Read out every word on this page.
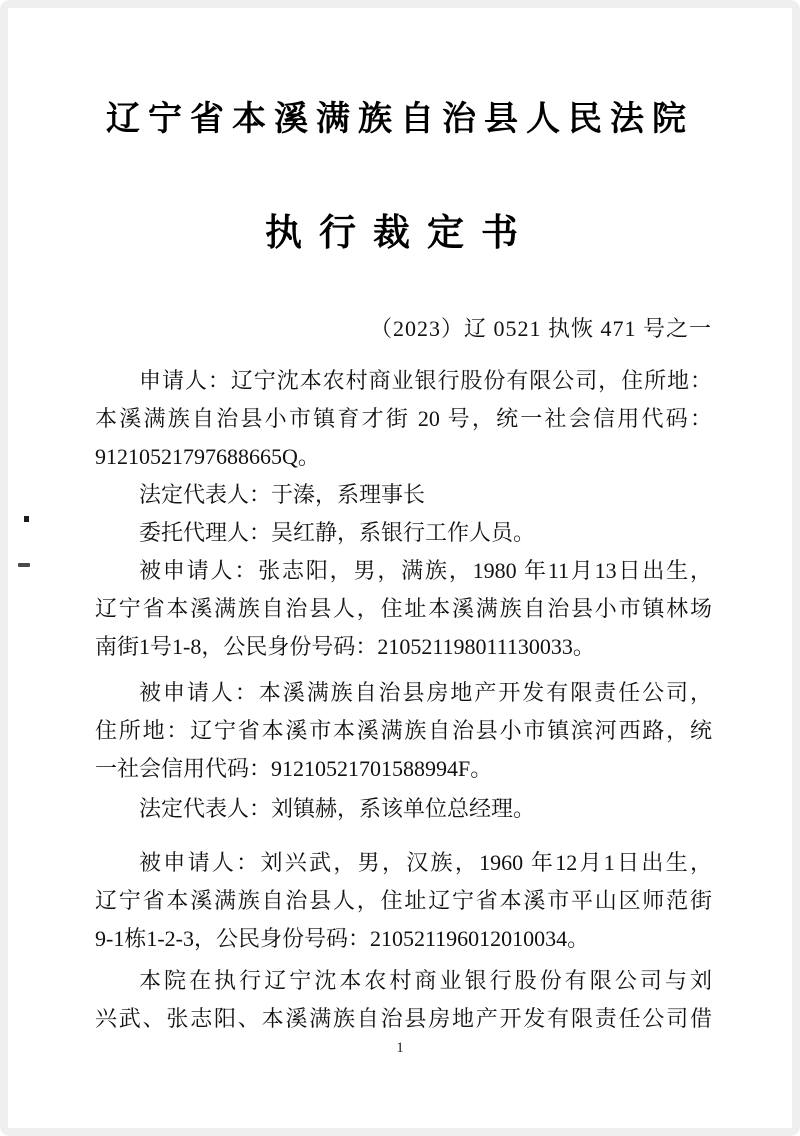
辽宁省本溪满族自治县人民法院
执行裁定书
（2023）辽 0521 执恢 471 号之一
申请人：辽宁沈本农村商业银行股份有限公司，住所地：
本溪满族自治县小市镇育才街 20 号，统一社会信用代码：
91210521797688665Q。
法定代表人：于溱，系理事长
委托代理人：吴红静，系银行工作人员。
被申请人：张志阳，男，满族，1980 年11月13日出生，
辽宁省本溪满族自治县人，住址本溪满族自治县小市镇林场
南街1号1-8，公民身份号码：210521198011130033。
被申请人：本溪满族自治县房地产开发有限责任公司，
住所地：辽宁省本溪市本溪满族自治县小市镇滨河西路，统
一社会信用代码：91210521701588994F。
法定代表人：刘镇赫，系该单位总经理。
被申请人：刘兴武，男，汉族，1960 年12月1日出生，
辽宁省本溪满族自治县人，住址辽宁省本溪市平山区师范街
9-1栋1-2-3，公民身份号码：210521196012010034。
本院在执行辽宁沈本农村商业银行股份有限公司与刘
兴武、张志阳、本溪满族自治县房地产开发有限责任公司借
1
